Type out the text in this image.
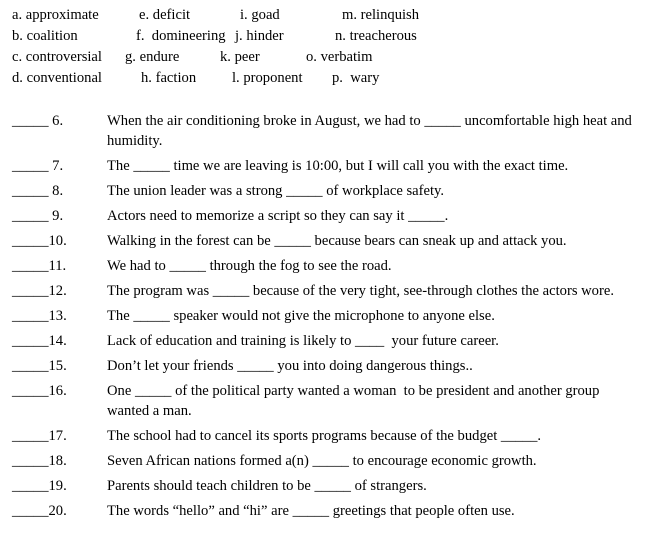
a. approximate	e. deficit	i. goad	m. relinquish
b. coalition	f.  domineering j. hinder	n. treacherous
c. controversial g. endure	k. peer	o. verbatim
d. conventional	h. faction l. proponent p.  wary
_____ 6.	When the air conditioning broke in August, we had to _____ uncomfortable high heat and humidity.
_____ 7.	The _____ time we are leaving is 10:00, but I will call you with the exact time.
_____ 8.	The union leader was a strong _____ of workplace safety.
_____ 9.	Actors need to memorize a script so they can say it _____.
_____10.	Walking in the forest can be _____ because bears can sneak up and attack you.
_____11.	We had to _____ through the fog to see the road.
_____12.	The program was _____ because of the very tight, see-through clothes the actors wore.
_____13.	The _____ speaker would not give the microphone to anyone else.
_____14.	Lack of education and training is likely to ____  your future career.
_____15.	Don’t let your friends _____ you into doing dangerous things..
_____16.	One _____ of the political party wanted a woman  to be president and another group wanted a man.
_____17.	The school had to cancel its sports programs because of the budget _____.
_____18.	Seven African nations formed a(n) _____ to encourage economic growth.
_____19.	Parents should teach children to be _____ of strangers.
_____20.	The words “hello” and “hi” are _____ greetings that people often use.
